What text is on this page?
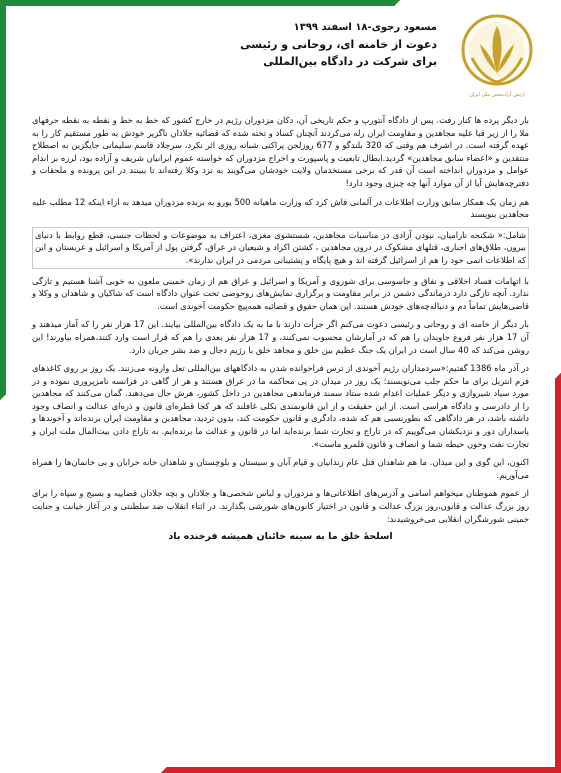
ارتش آزادیبخش ملی ایران
مسعود رجوی-۱۸ اسفند ۱۳۹۹
دعوت از خامنه ای، روحانی و رئیسی
برای شرکت در دادگاه بین‌المللی

بار دیگر پرده ها کنار رفت. پس از دادگاه آنتورپ و حکم تاریخی آن، دکان مزدوران رژیم در خارج کشور که خط به خط و نقطه به نقطه حرفهای ملا را از زیر قبا علیه مجاهدین و مقاومت ایران رله می‌کردند آنچنان کساد و تخته شده که قضائیه جلادان ناگزیر خودش به طور مستقیم کار را به عهده گرفته است. در اشرف هم وقتی که 320 بلندگو و 677 روزلجن پراکنی شبانه روزی اثر نکرد، سرجلاد قاسم سلیمانی جایگزین به اصطلاح منتقدین و «اعضاء سابق مجاهدین» گردید.ابطال تابعیت و پاسپورت و اخراج مزدوران که خواسته عموم ایرانیان شریف و آزاده بود، لرزه بر اندام عوامل و مزدوران انداخته است آن قدر که برخی مستخدمان ولایت خودشان می‌گویند به نزد وکلا رفته‌اند تا ببینند در این پرونده و ملحقات و دفترچه‌هایش آیا از آن موارد آنها چه چیزی وجود دارد!

هم زمان یک همکار سابق وزارت اطلاعات در آلمانی فاش کرد که وزارت ماهیانه 500 یورو به بریده مزدوران میدهد به ازاء اینکه 12 مطلب علیه مجاهدین بنویسند

شامل:« شکنجه نارامیان، نبودن آزادی در مناسبات مجاهدین، شستشوی مغزی، اعتراف به موضوعات و لحظات جنسی، قطع روابط با دنیای بیرون، طلاق‌های اجباری، قتلهای مشکوک در درون مجاهدین ، کشتن اکراد و شیعیان در عراق، گرفتن پول از آمریکا و اسرائیل و عربستان و این که اطلاعات اتمی خود را هم از اسرائیل گرفته اند و هیچ پایگاه و پشتیبانی مردمی در ایران ندارند».

با اتهامات فساد اخلاقی و نفاق و جاسوسی برای شوروی و آمریکا و اسرائیل و عراق هم از زمان خمینی ملعون به خوبی آشنا هستیم و تازگی ندارد. آنچه تازگی دارد درماندگی دشمن در برابر مقاومت و برگزاری نمایش‌های روحوضی تحت عنوان دادگاه است که شاکیان و شاهدان و وکلا و قاضی‌هایش تماماً دم و دنباله‌چه‌های خودش هستند. این همان حقوق و قضائیه همه‌پیچ حکومت آخوندی است.

بار دیگر از خامنه ای و روحانی و رئیسی دعوت می‌کنم اگر جرأت دارند با ما به یک دادگاه بین‌المللی بیایند. این 17 هزار نفر را که آمار میدهند و آن 17 هزار نفر فروغ جاویدان را هم که در آمارشان محسوب نمی‌کنند، و 17 هزار نفر بعدی را هم که قرار است وارد کنند،همراه بیاورند! این روشن می‌کند که 40 سال است در ایران یک جنگ عظیم بین خلق و مجاهد خلق با رژیم دجال و ضد بشر جریان دارد.

در آذر ماه 1386 گفتیم:«سردمداران رژیم آخوندی از ترس فراخوانده شدن به دادگاههای بین‌المللی تعل وارونه می‌زنند. یک روز بر روی کاغذهای فرم انتربل برای ما حکم جلب می‌نویسند؛ یک روز در میدان در پی محاکمه ما در عراق هستند و هر از گاهی در فرانسه نامزپروری نموده و در مورد سیاد شیروازی و دیگر عملیات اعدام شده ستاد سمند فرماندهی مجاهدین در داخل کشور، هرش حال می‌دهند. گمان می‌کنند که مجاهدین را از دادرسی و دادگاه هراسی است. از این حقیقت و از این قانونمندی بکلی غافلند که هر کجا قطره‌ای قانون و ذره‌ای عدالت و انصاف وجود داشته باشد، در هر دادگاهی که بطورنسبی هم که شده، دادگری و قانون حکومت کند، بدون تردید، مجاهدین و مقاومت ایران برنده‌اند و آخوندها و پاسداران دور و نزدیکشان می‌گوییم که در تاراج و تجارت شما برنده‌اید اما در قانون و عدالت ما برنده‌ایم. به تاراج دادن بیت‌المال ملت ایران و تجارت نفت وخون حیطه شما و انصاف و قانون قلمرو ماست».

اکنون، این گوی و این میدان. ما هم شاهدان قتل عام زندانیان و قیام آبان و سیستان و بلوچستان و شاهدان خانه خرابان و بی خانمان‌ها را همراه می‌آوریم.

از عموم هموطنان میخواهم اسامی و آدرس‌های اطلاعاتی‌ها و مزدوران و لباس شخصی‌ها و جلادان و بچه جلادان قضاییه و بسیج و سپاه را برای روز بزرگ عدالت و قانون،روز بزرگ عدالت و قانون در اختیار کانون‌های شورشی بگذارند. در اثناء انقلاب ضد سلطنتی و در آغاز خیانت و جنایت خمینی شورشگران انقلابی می‌خروشیدند:

اسلحهٔ خلق ما به سینه خائنان همیشه فرخنده باد
